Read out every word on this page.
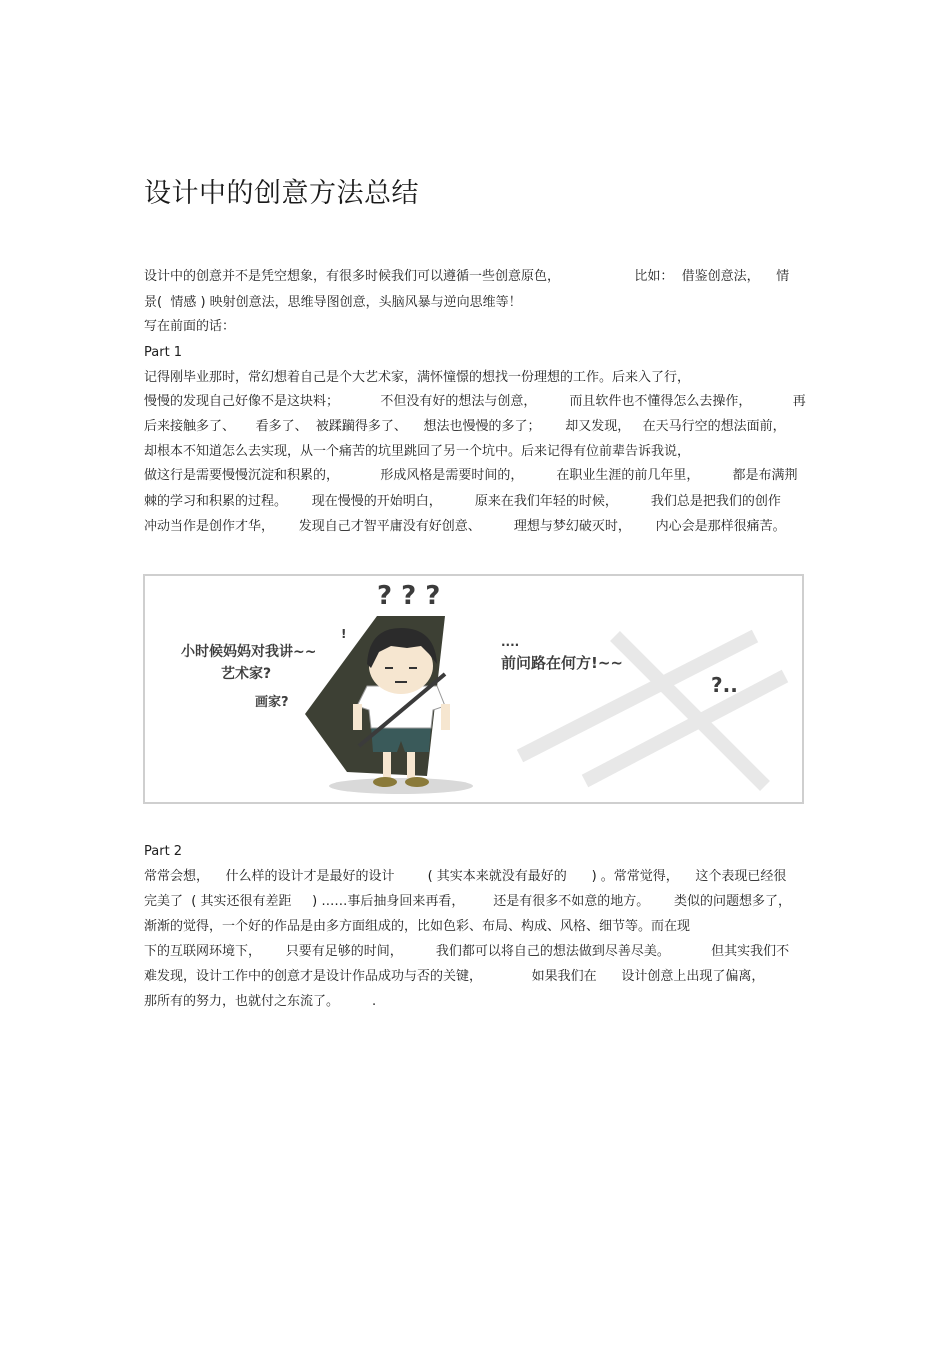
设计中的创意方法总结
设计中的创意并不是凭空想象，有很多时候我们可以遵循一些创意原色，                  比如：  借鉴创意法，    情
景(  情感 ) 映射创意法，思维导图创意，头脑风暴与逆向思维等！
写在前面的话：
Part 1
记得刚毕业那时，常幻想着自己是个大艺术家，满怀憧憬的想找一份理想的工作。后来入了行，
慢慢的发现自己好像不是这块料；          不但没有好的想法与创意，        而且软件也不懂得怎么去操作，          再
后来接触多了、     看多了、  被蹂躏得多了、    想法也慢慢的多了；      却又发现，   在天马行空的想法面前，
却根本不知道怎么去实现，从一个痛苦的坑里跳回了另一个坑中。后来记得有位前辈告诉我说，
做这行是需要慢慢沉淀和积累的，          形成风格是需要时间的，        在职业生涯的前几年里，        都是布满荆
棘的学习和积累的过程。      现在慢慢的开始明白，        原来在我们年轻的时候，        我们总是把我们的创作
冲动当作是创作才华，      发现自己才智平庸没有好创意、        理想与梦幻破灭时，      内心会是那样很痛苦。
? ? ?
!
小时候妈妈对我讲~~
艺术家?
画家?
....
前问路在何方!~~
?..
Part 2
常常会想，    什么样的设计才是最好的设计        ( 其实本来就没有最好的      ) 。常常觉得，    这个表现已经很
完美了  ( 其实还很有差距     ) ……事后抽身回来再看，       还是有很多不如意的地方。      类似的问题想多了，
渐渐的觉得，一个好的作品是由多方面组成的，比如色彩、布局、构成、风格、细节等。而在现
下的互联网环境下，      只要有足够的时间，        我们都可以将自己的想法做到尽善尽美。          但其实我们不
难发现，设计工作中的创意才是设计作品成功与否的关键，            如果我们在      设计创意上出现了偏离，
那所有的努力，也就付之东流了。        .
